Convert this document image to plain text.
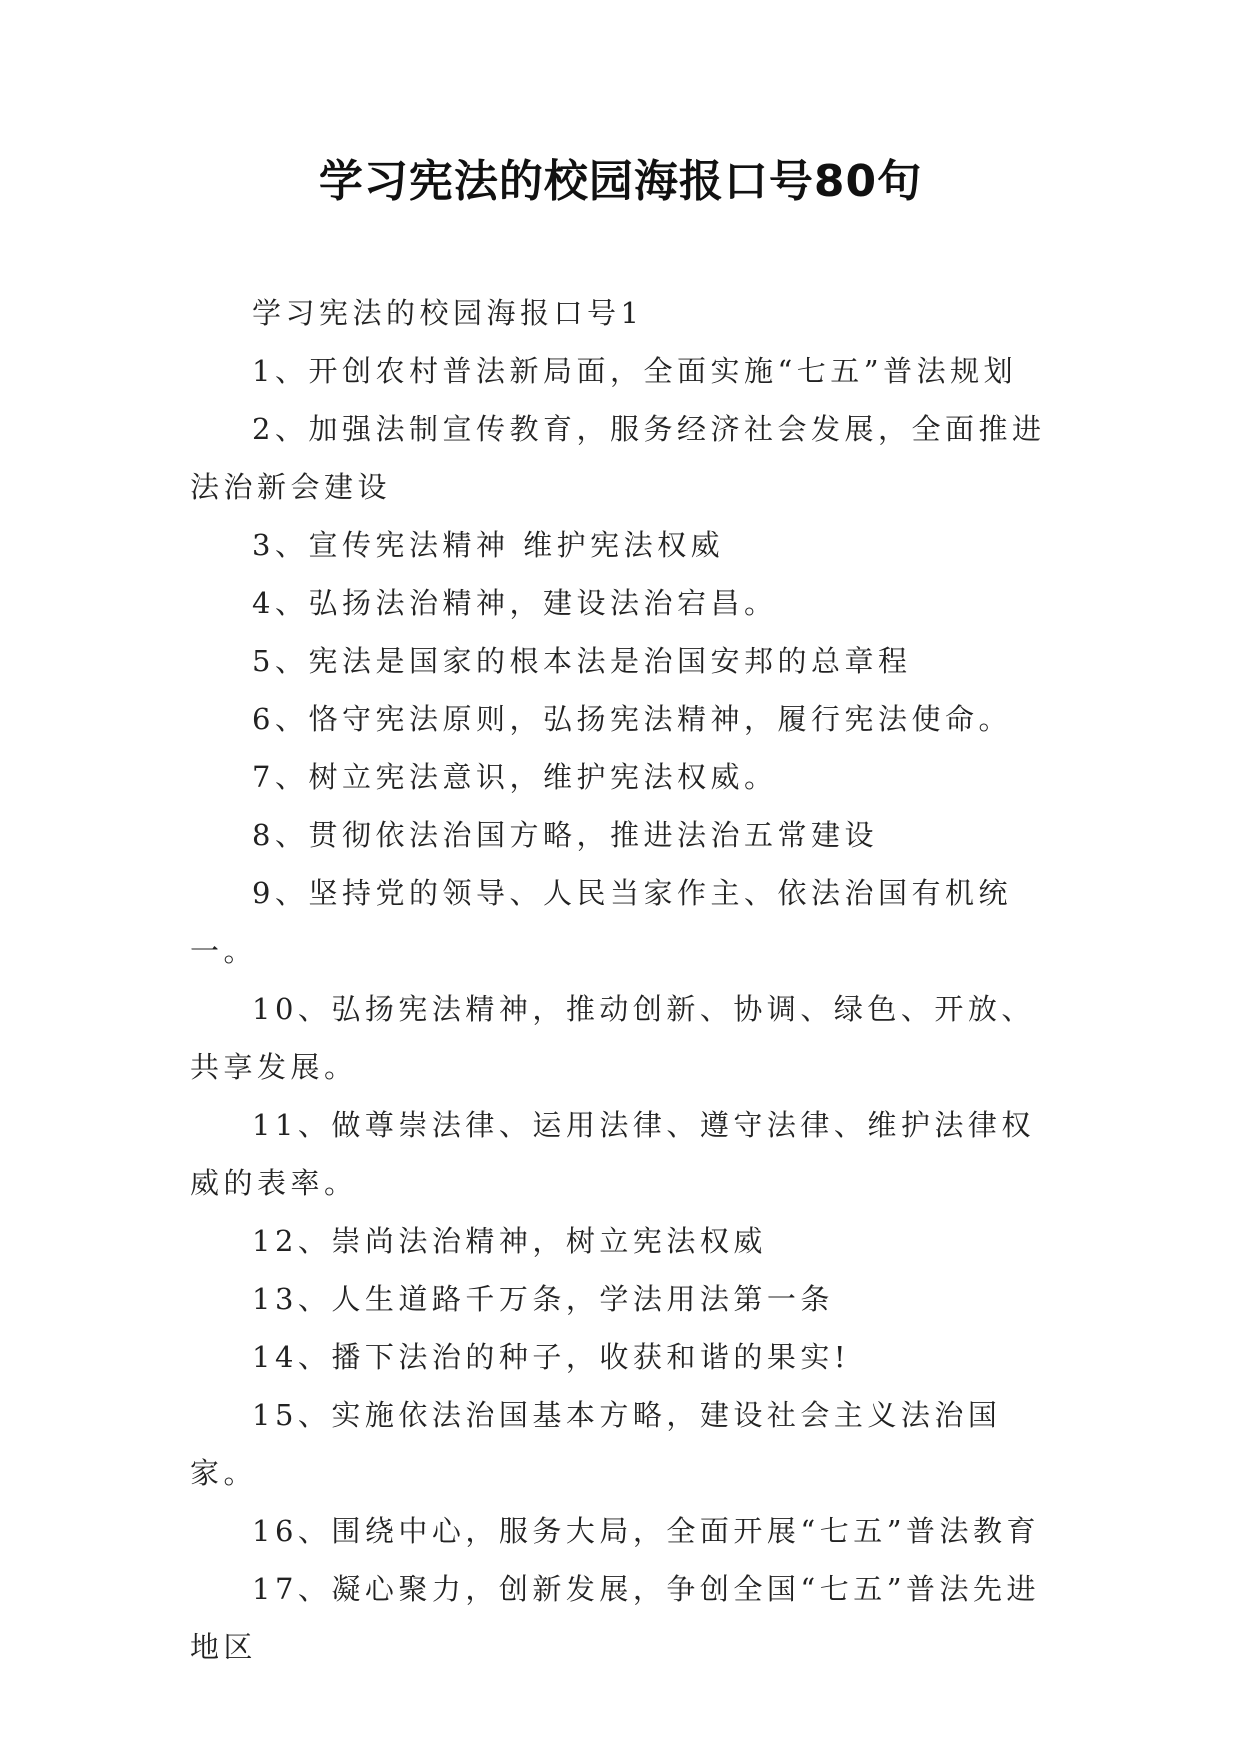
学习宪法的校园海报口号80句

学习宪法的校园海报口号1

1、开创农村普法新局面，全面实施“七五”普法规划

2、加强法制宣传教育，服务经济社会发展，全面推进法治新会建设

3、宣传宪法精神 维护宪法权威

4、弘扬法治精神，建设法治宕昌。

5、宪法是国家的根本法是治国安邦的总章程

6、恪守宪法原则，弘扬宪法精神，履行宪法使命。

7、树立宪法意识，维护宪法权威。

8、贯彻依法治国方略，推进法治五常建设

9、坚持党的领导、人民当家作主、依法治国有机统一。

10、弘扬宪法精神，推动创新、协调、绿色、开放、共享发展。

11、做尊崇法律、运用法律、遵守法律、维护法律权威的表率。

12、崇尚法治精神，树立宪法权威

13、人生道路千万条，学法用法第一条

14、播下法治的种子，收获和谐的果实!

15、实施依法治国基本方略，建设社会主义法治国家。

16、围绕中心，服务大局，全面开展“七五”普法教育

17、凝心聚力，创新发展，争创全国“七五”普法先进地区
